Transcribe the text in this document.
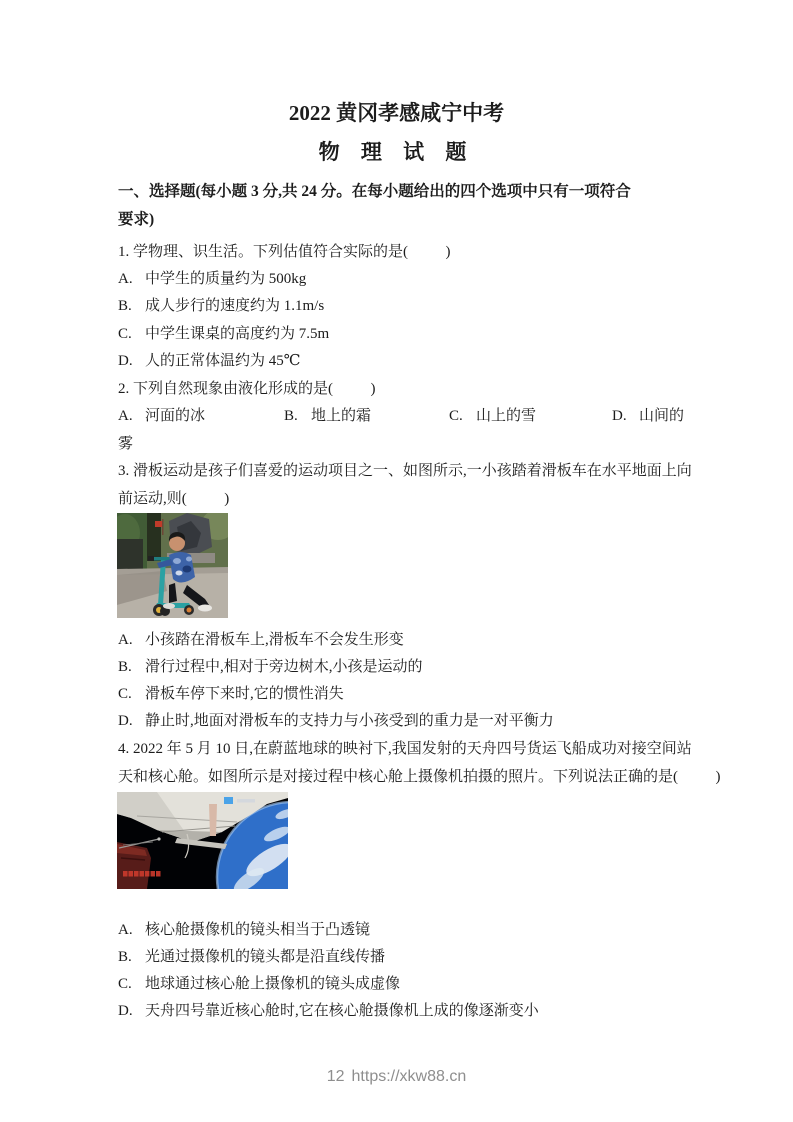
2022 黄冈孝感咸宁中考
物 理 试 题
一、选择题(每小题 3 分,共 24 分。在每小题给出的四个选项中只有一项符合
要求)
1. 学物理、识生活。下列估值符合实际的是( 　　 )
A. 中学生的质量约为 500kg
B. 成人步行的速度约为 1.1m/s
C. 中学生课桌的高度约为 7.5m
D. 人的正常体温约为 45℃
2. 下列自然现象由液化形成的是( 　　 )

A. 河面的冰

	B. 地上的霜

	C. 山上的雪

	D. 山间的

雾
3. 滑板运动是孩子们喜爱的运动项目之一、如图所示,一小孩踏着滑板车在水平地面上向
前运动,则( 　　 )
A. 小孩踏在滑板车上,滑板车不会发生形变
B. 滑行过程中,相对于旁边树木,小孩是运动的
C. 滑板车停下来时,它的惯性消失
D. 静止时,地面对滑板车的支持力与小孩受到的重力是一对平衡力
4. 2022 年 5 月 10 日,在蔚蓝地球的映衬下,我国发射的天舟四号货运飞船成功对接空间站
天和核心舱。如图所示是对接过程中核心舱上摄像机拍摄的照片。下列说法正确的是( 　　 )
A. 核心舱摄像机的镜头相当于凸透镜
B. 光通过摄像机的镜头都是沿直线传播
C. 地球通过核心舱上摄像机的镜头成虚像
D. 天舟四号靠近核心舱时,它在核心舱摄像机上成的像逐渐变小
12 https://xkw88.cn
